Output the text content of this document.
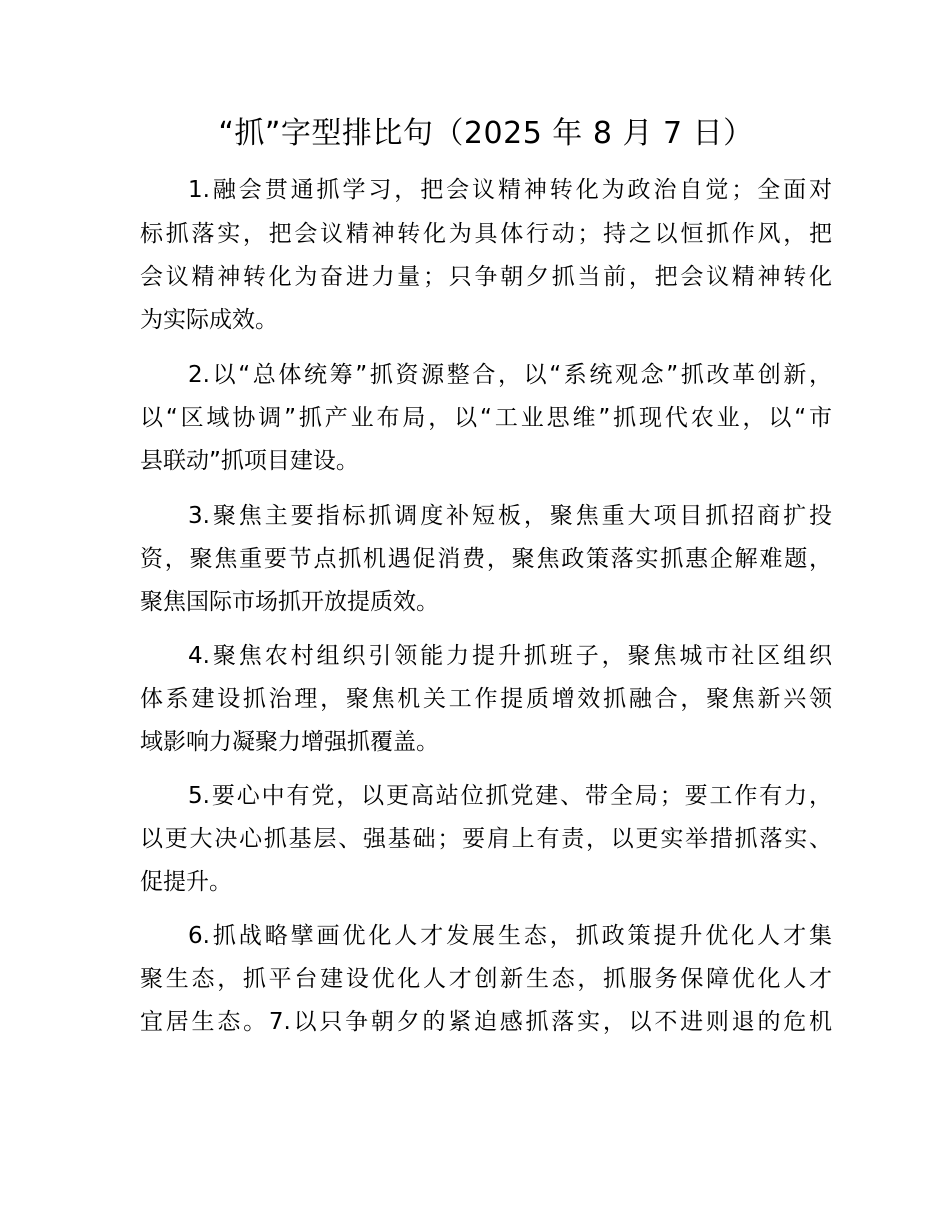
“抓”字型排比句（2025 年 8 月 7 日）
1.融会贯通抓学习，把会议精神转化为政治自觉；全面对
标抓落实，把会议精神转化为具体行动；持之以恒抓作风，把
会议精神转化为奋进力量；只争朝夕抓当前，把会议精神转化
为实际成效。
2.以“总体统筹”抓资源整合，以“系统观念”抓改革创新，
以“区域协调”抓产业布局，以“工业思维”抓现代农业，以“市
县联动”抓项目建设。
3.聚焦主要指标抓调度补短板，聚焦重大项目抓招商扩投
资，聚焦重要节点抓机遇促消费，聚焦政策落实抓惠企解难题，
聚焦国际市场抓开放提质效。
4.聚焦农村组织引领能力提升抓班子，聚焦城市社区组织
体系建设抓治理，聚焦机关工作提质增效抓融合，聚焦新兴领
域影响力凝聚力增强抓覆盖。
5.要心中有党，以更高站位抓党建、带全局；要工作有力，
以更大决心抓基层、强基础；要肩上有责，以更实举措抓落实、
促提升。
6.抓战略擘画优化人才发展生态，抓政策提升优化人才集
聚生态，抓平台建设优化人才创新生态，抓服务保障优化人才
宜居生态。7.以只争朝夕的紧迫感抓落实，以不进则退的危机
